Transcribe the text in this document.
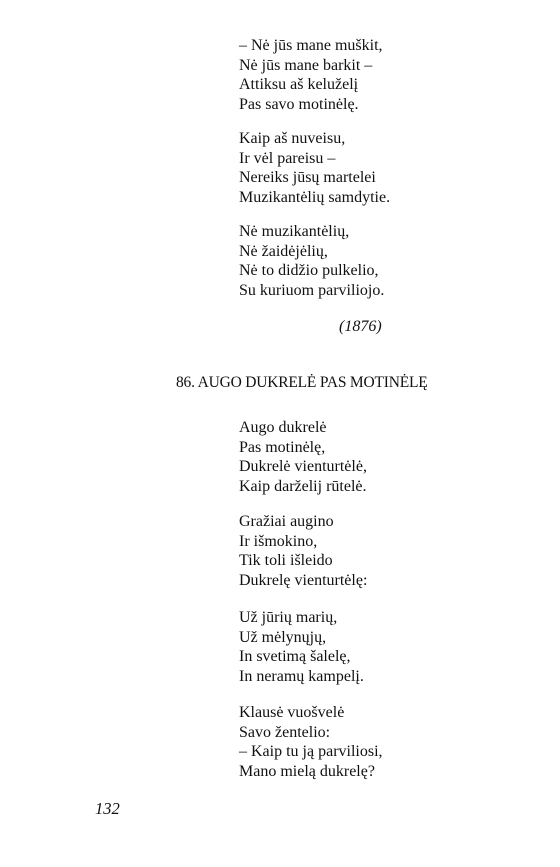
– Nė jūs mane muškit,
Nė jūs mane barkit –
Attiksu aš keluželį
Pas savo motinėlę.
Kaip aš nuveisu,
Ir vėl pareisu –
Nereiks jūsų martelei
Muzikantėlių samdytie.
Nė muzikantėlių,
Nė žaidėjėlių,
Nė to didžio pulkelio,
Su kuriuom parviliojo.
(1876)
86. AUGO DUKRELĖ PAS MOTINĖLĘ
Augo dukrelė
Pas motinėlę,
Dukrelė vienturtėlė,
Kaip darželij rūtelė.
Gražiai augino
Ir išmokino,
Tik toli išleido
Dukrelę vienturtėlę:
Už jūrių marių,
Už mėlynųjų,
In svetimą šalelę,
In neramų kampelį.
Klausė vuošvelė
Savo žentelio:
– Kaip tu ją parviliosi,
Mano mielą dukrelę?
132
